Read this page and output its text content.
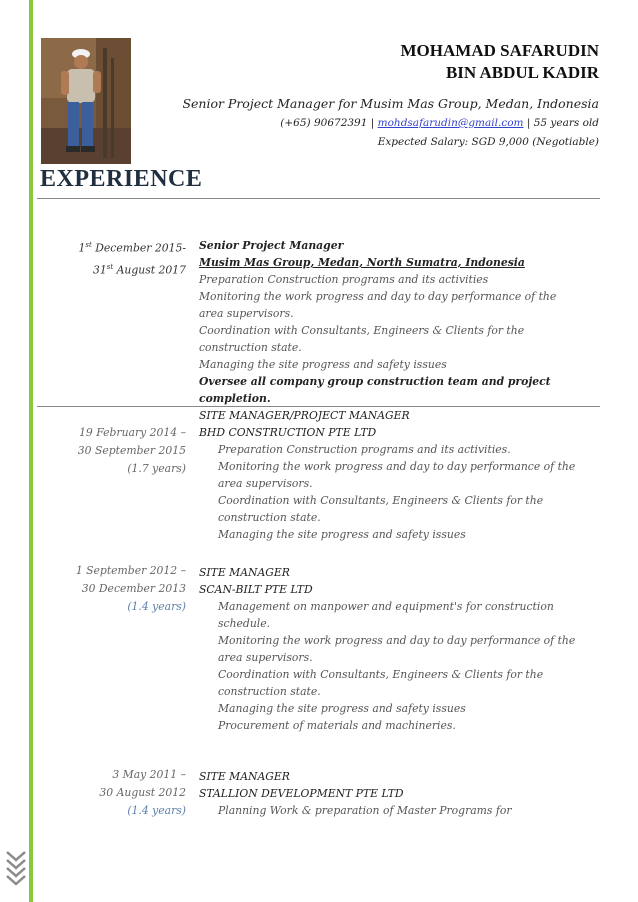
MOHAMAD SAFARUDIN
BIN ABDUL KADIR
Senior Project Manager for Musim Mas Group, Medan, Indonesia
(+65) 90672391 | mohdsafarudin@gmail.com | 55 years old
Expected Salary: SGD 9,000 (Negotiable)
EXPERIENCE
1st December 2015-
31st August 2017
Senior Project Manager
Musim Mas Group, Medan, North Sumatra, Indonesia
Preparation Construction programs and its activities
Monitoring the work progress and day to day performance of the
area supervisors.
Coordination with Consultants, Engineers & Clients for the
construction state.
Managing the site progress and safety issues
Oversee all company group construction team and project
completion.
19 February 2014 –
30 September 2015
(1.7 years)
SITE MANAGER/PROJECT MANAGER
BHD CONSTRUCTION PTE LTD
Preparation Construction programs and its activities.
Monitoring the work progress and day to day performance of the
area supervisors.
Coordination with Consultants, Engineers & Clients for the
construction state.
Managing the site progress and safety issues
1 September 2012 –
30 December 2013
(1.4 years)
SITE MANAGER
SCAN-BILT PTE LTD
Management on manpower and equipment's for construction
schedule.
Monitoring the work progress and day to day performance of the
area supervisors.
Coordination with Consultants, Engineers & Clients for the
construction state.
Managing the site progress and safety issues
Procurement of materials and machineries.
3 May 2011 –
30 August 2012
(1.4 years)
SITE MANAGER
STALLION DEVELOPMENT PTE LTD
Planning Work & preparation of Master Programs for
